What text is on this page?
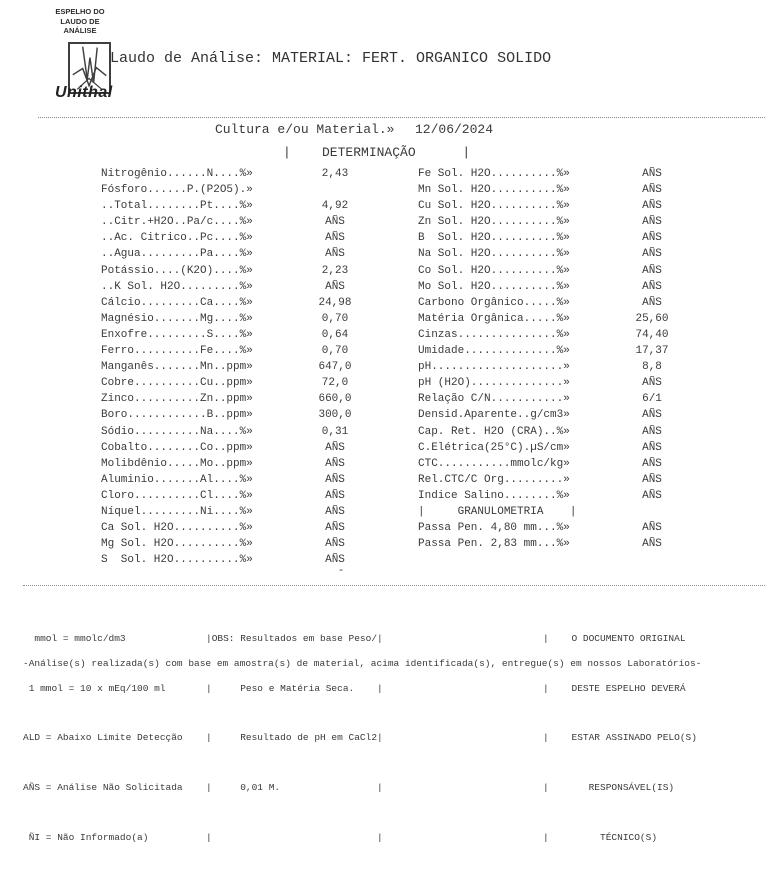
ESPELHO DO
LAUDO DE
ANÁLISE
Unithal
Laudo de Análise: MATERIAL: FERT. ORGANICO SOLIDO

Cultura e/ou Material.»

12/06/2024

|    DETERMINAÇÃO      |
Nitrogênio......N....%»	2,43
Fósforo......P.(P2O5).»
..Total........Pt....%»	4,92
..Citr.+H2O..Pa/c....%»	AÑS
..Ac. Citrico..Pc....%»	AÑS
..Agua.........Pa....%»	AÑS
Potássio....(K2O)....%»	2,23
..K Sol. H2O.........%»	AÑS
Cálcio.........Ca....%»	24,98
Magnésio.......Mg....%»	0,70
Enxofre.........S....%»	0,64
Ferro..........Fe....%»	0,70
Manganês.......Mn..ppm»	647,0
Cobre..........Cu..ppm»	72,0
Zinco..........Zn..ppm»	660,0
Boro............B..ppm»	300,0
Sódio..........Na....%»	0,31
Cobalto........Co..ppm»	AÑS
Molibdênio.....Mo..ppm»	AÑS
Aluminio.......Al....%»	AÑS
Cloro..........Cl....%»	AÑS
Níquel.........Ni....%»	AÑS
Ca Sol. H2O..........%»	AÑS
Mg Sol. H2O..........%»	AÑS
S  Sol. H2O..........%»	AÑS
Fe Sol. H2O..........%»	AÑS
Mn Sol. H2O..........%»	AÑS
Cu Sol. H2O..........%»	AÑS
Zn Sol. H2O..........%»	AÑS
B  Sol. H2O..........%»	AÑS
Na Sol. H2O..........%»	AÑS
Co Sol. H2O..........%»	AÑS
Mo Sol. H2O..........%»	AÑS
Carbono Orgânico.....%»	AÑS
Matéria Orgânica.....%»	25,60
Cinzas...............%»	74,40
Umidade..............%»	17,37
pH....................»	8,8
pH (H2O)..............»	AÑS
Relação C/N...........»	6/1
Densid.Aparente..g/cm3»	AÑS
Cap. Ret. H2O (CRA)..%»	AÑS
C.Elétrica(25°C).µS/cm»	AÑS
CTC...........mmolc/kg»	AÑS
Rel.CTC/C Org.........»	AÑS
Indice Salino........%»	AÑS
|     GRANULOMETRIA    |
Passa Pen. 4,80 mm...%»	AÑS
Passa Pen. 2,83 mm...%»	AÑS
-

mmol = mmolc/dm3

1 mmol = 10 x mEq/100 ml

ALD = Abaixo Limite Detecção

AÑS = Análise Não Solicitada

ÑI = Não Informado(a)

|OBS: Resultados em base Peso/|

|     Peso e Matéria Seca.    |

|     Resultado de pH em CaCl2|

|     0,01 M.                 |

|                             |

|    O DOCUMENTO ORIGINAL

|    DESTE ESPELHO DEVERÁ

|    ESTAR ASSINADO PELO(S)

|       RESPONSÁVEL(IS)

|         TÉCNICO(S)

-Análise(s) realizada(s) com base em amostra(s) de material, acima identificada(s), entregue(s) em nossos Laboratórios-
